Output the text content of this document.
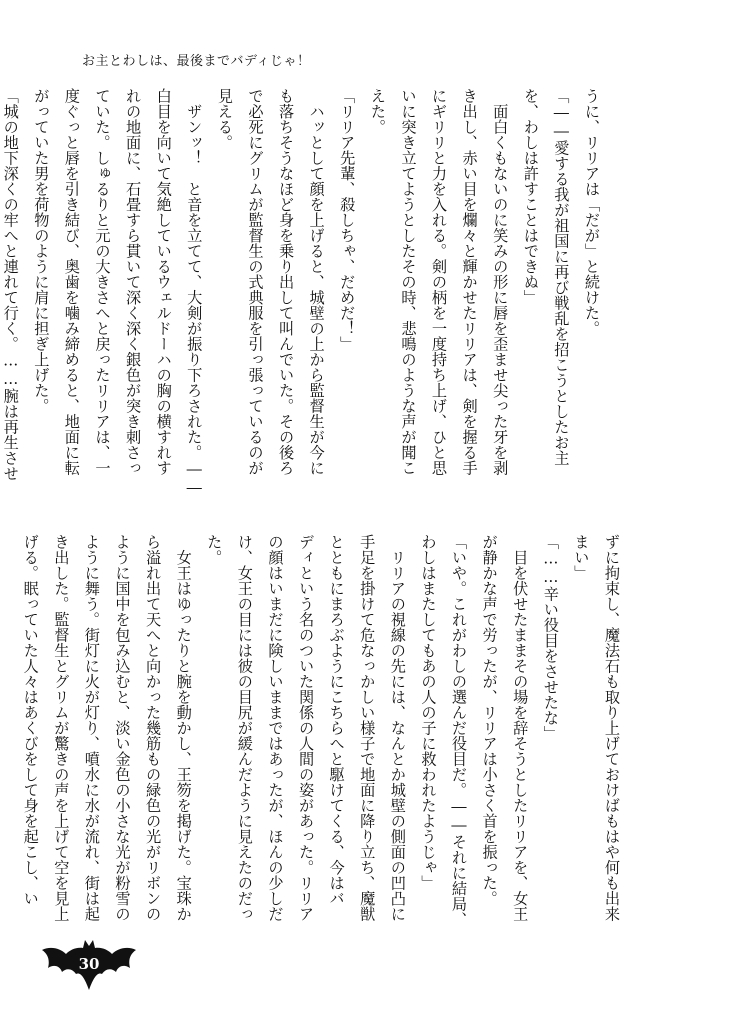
お主とわしは、最後までバディじゃ！

うに、リリアは「だが」と続けた。

「――愛する我が祖国に再び戦乱を招こうとしたお主

を、わしは許すことはできぬ」

　面白くもないのに笑みの形に唇を歪ませ尖った牙を剥

き出し、赤い目を爛々と輝かせたリリアは、剣を握る手

にギリリと力を入れる。剣の柄を一度持ち上げ、ひと思

いに突き立てようとしたその時、悲鳴のような声が聞こ

えた。

「リリア先輩、殺しちゃ、だめだ！」

　ハッとして顔を上げると、城壁の上から監督生が今に

も落ちそうなほど身を乗り出して叫んでいた。その後ろ

で必死にグリムが監督生の式典服を引っ張っているのが

見える。

　ザンッ！　と音を立てて、大剣が振り下ろされた。――

白目を向いて気絶しているウェルドーハの胸の横すれす

れの地面に、石畳すら貫いて深く深く銀色が突き刺さっ

ていた。しゅるりと元の大きさへと戻ったリリアは、一

度ぐっと唇を引き結び、奥歯を噛み締めると、地面に転

がっていた男を荷物のように肩に担ぎ上げた。

「城の地下深くの牢へと連れて行く。……腕は再生させ

ずに拘束し、魔法石も取り上げておけばもはや何も出来

まい」

「……辛い役目をさせたな」

　目を伏せたままその場を辞そうとしたリリアを、女王

が静かな声で労ったが、リリアは小さく首を振った。

「いや。これがわしの選んだ役目だ。――それに結局、

わしはまたしてもあの人の子に救われたようじゃ」

　リリアの視線の先には、なんとか城壁の側面の凹凸に

手足を掛けて危なっかしい様子で地面に降り立ち、魔獣

とともにまろぶようにこちらへと駆けてくる、今はバ

ディという名のついた関係の人間の姿があった。リリア

の顔はいまだに険しいままではあったが、ほんの少しだ

け、女王の目には彼の目尻が緩んだように見えたのだっ

た。

　女王はゆったりと腕を動かし、王笏を掲げた。宝珠か

ら溢れ出て天へと向かった幾筋もの緑色の光がリボンの

ように国中を包み込むと、淡い金色の小さな光が粉雪の

ように舞う。街灯に火が灯り、噴水に水が流れ、街は起

き出した。監督生とグリムが驚きの声を上げて空を見上

げる。眠っていた人々はあくびをして身を起こし、い

30
